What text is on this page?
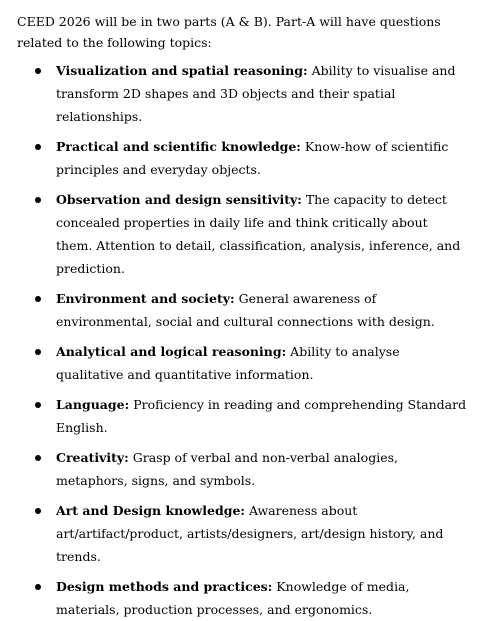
CEED 2026 will be in two parts (A & B). Part-A will have questions related to the following topics:

Visualization and spatial reasoning: Ability to visualise and transform 2D shapes and 3D objects and their spatial relationships.
Practical and scientific knowledge: Know-how of scientific principles and everyday objects.
Observation and design sensitivity: The capacity to detect concealed properties in daily life and think critically about them. Attention to detail, classification, analysis, inference, and prediction.
Environment and society: General awareness of environmental, social and cultural connections with design.
Analytical and logical reasoning: Ability to analyse qualitative and quantitative information.
Language: Proficiency in reading and comprehending Standard English.
Creativity: Grasp of verbal and non-verbal analogies, metaphors, signs, and symbols.
Art and Design knowledge: Awareness about art/artifact/product, artists/designers, art/design history, and trends.
Design methods and practices: Knowledge of media, materials, production processes, and ergonomics.
